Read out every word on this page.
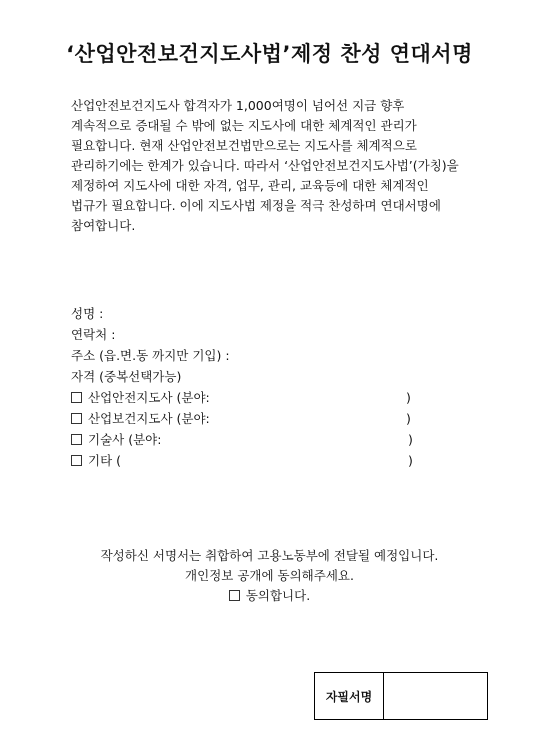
‘산업안전보건지도사법’제정 찬성 연대서명
산업안전보건지도사 합격자가 1,000여명이 넘어선 지금 향후
계속적으로 증대될 수 밖에 없는 지도사에 대한 체계적인 관리가
필요합니다. 현재 산업안전보건법만으로는 지도사를 체계적으로
관리하기에는 한계가 있습니다. 따라서 ‘산업안전보건지도사법’(가칭)을
제정하여 지도사에 대한 자격, 업무, 관리, 교육등에 대한 체계적인
법규가 필요합니다. 이에 지도사법 제정을 적극 찬성하며 연대서명에
참여합니다.
성명 :
연락처 :
주소 (읍.면.동 까지만 기입) :
자격 (중복선택가능)
산업안전지도사 (분야:	)
산업보건지도사 (분야:	)
기술사 (분야:	)
기타 (	)
작성하신 서명서는 취합하여 고용노동부에 전달될 예정입니다.
개인정보 공개에 동의해주세요.
동의합니다.
자필서명
